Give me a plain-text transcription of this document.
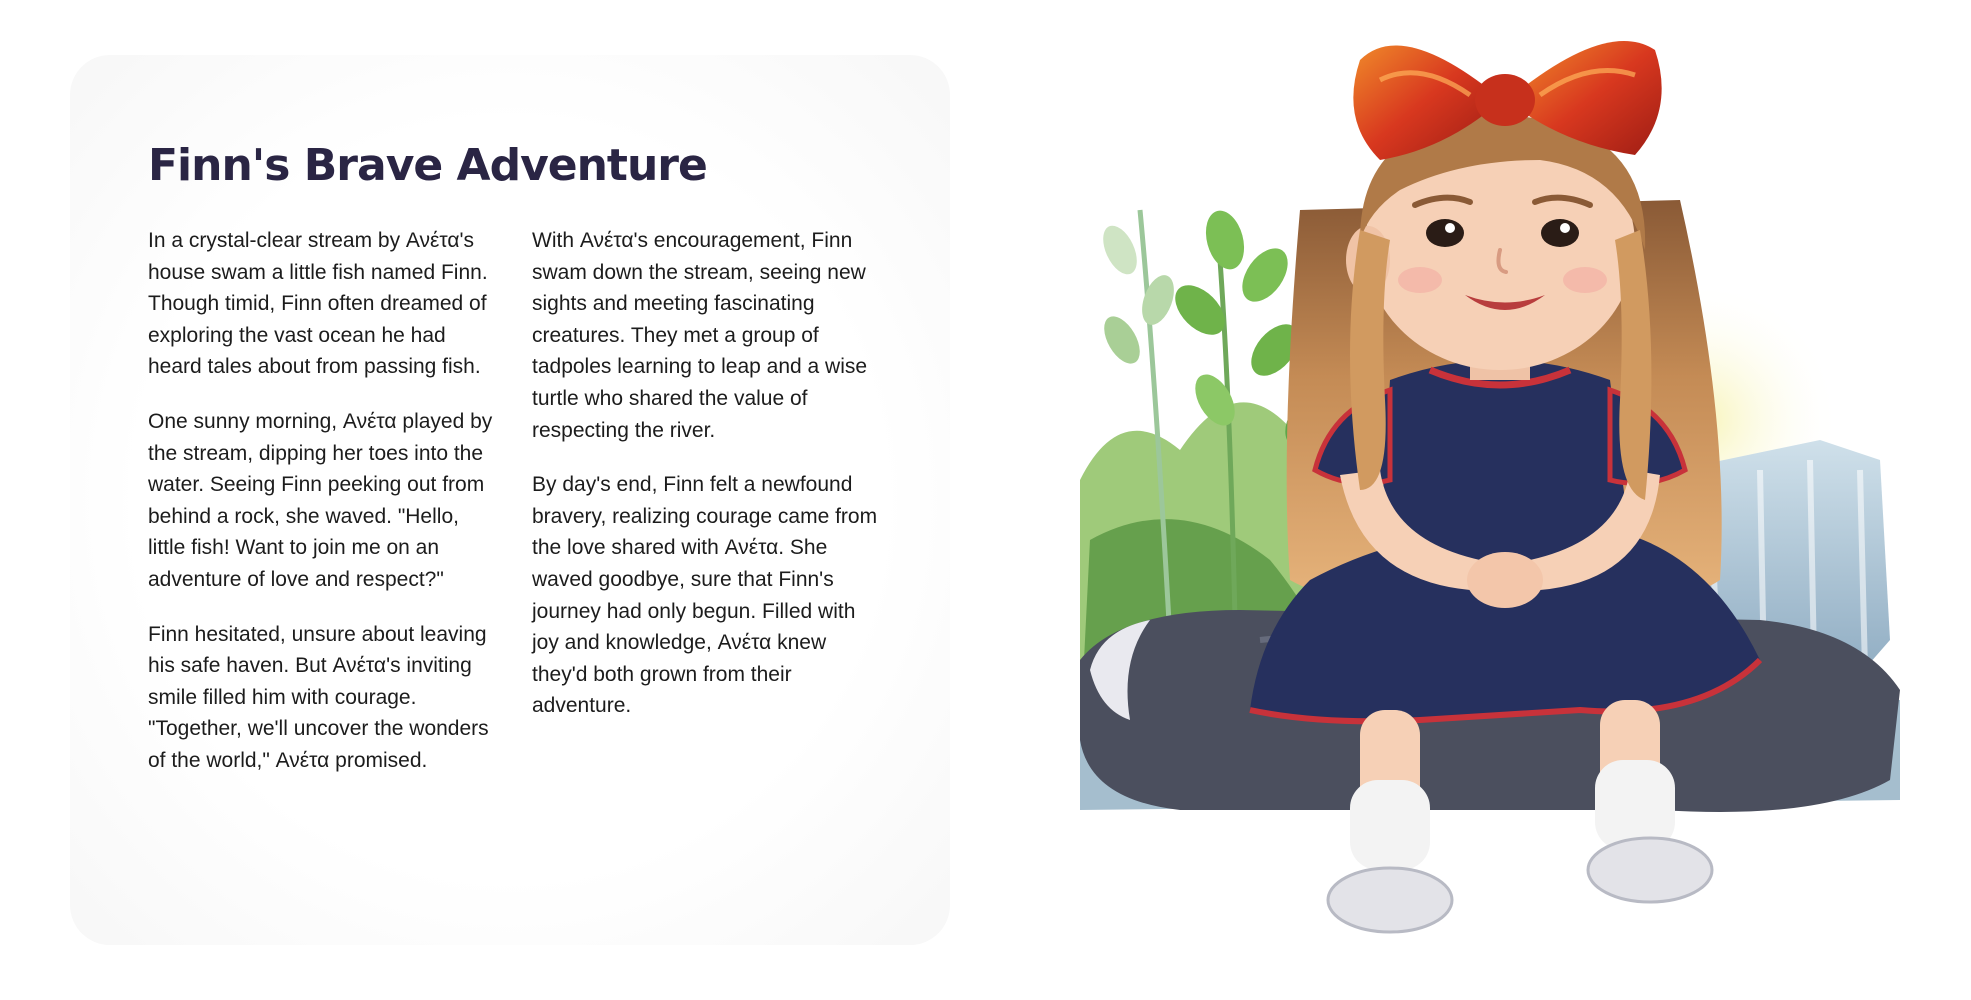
Finn's Brave Adventure

In a crystal-clear stream by Ανέτα's house swam a little fish named Finn. Though timid, Finn often dreamed of exploring the vast ocean he had heard tales about from passing fish.

One sunny morning, Ανέτα played by the stream, dipping her toes into the water. Seeing Finn peeking out from behind a rock, she waved. "Hello, little fish! Want to join me on an adventure of love and respect?"

Finn hesitated, unsure about leaving his safe haven. But Ανέτα's inviting smile filled him with courage. "Together, we'll uncover the wonders of the world," Ανέτα promised.

With Ανέτα's encouragement, Finn swam down the stream, seeing new sights and meeting fascinating creatures. They met a group of tadpoles learning to leap and a wise turtle who shared the value of respecting the river.

By day's end, Finn felt a newfound bravery, realizing courage came from the love shared with Ανέτα. She waved goodbye, sure that Finn's journey had only begun. Filled with joy and knowledge, Ανέτα knew they'd both grown from their adventure.
